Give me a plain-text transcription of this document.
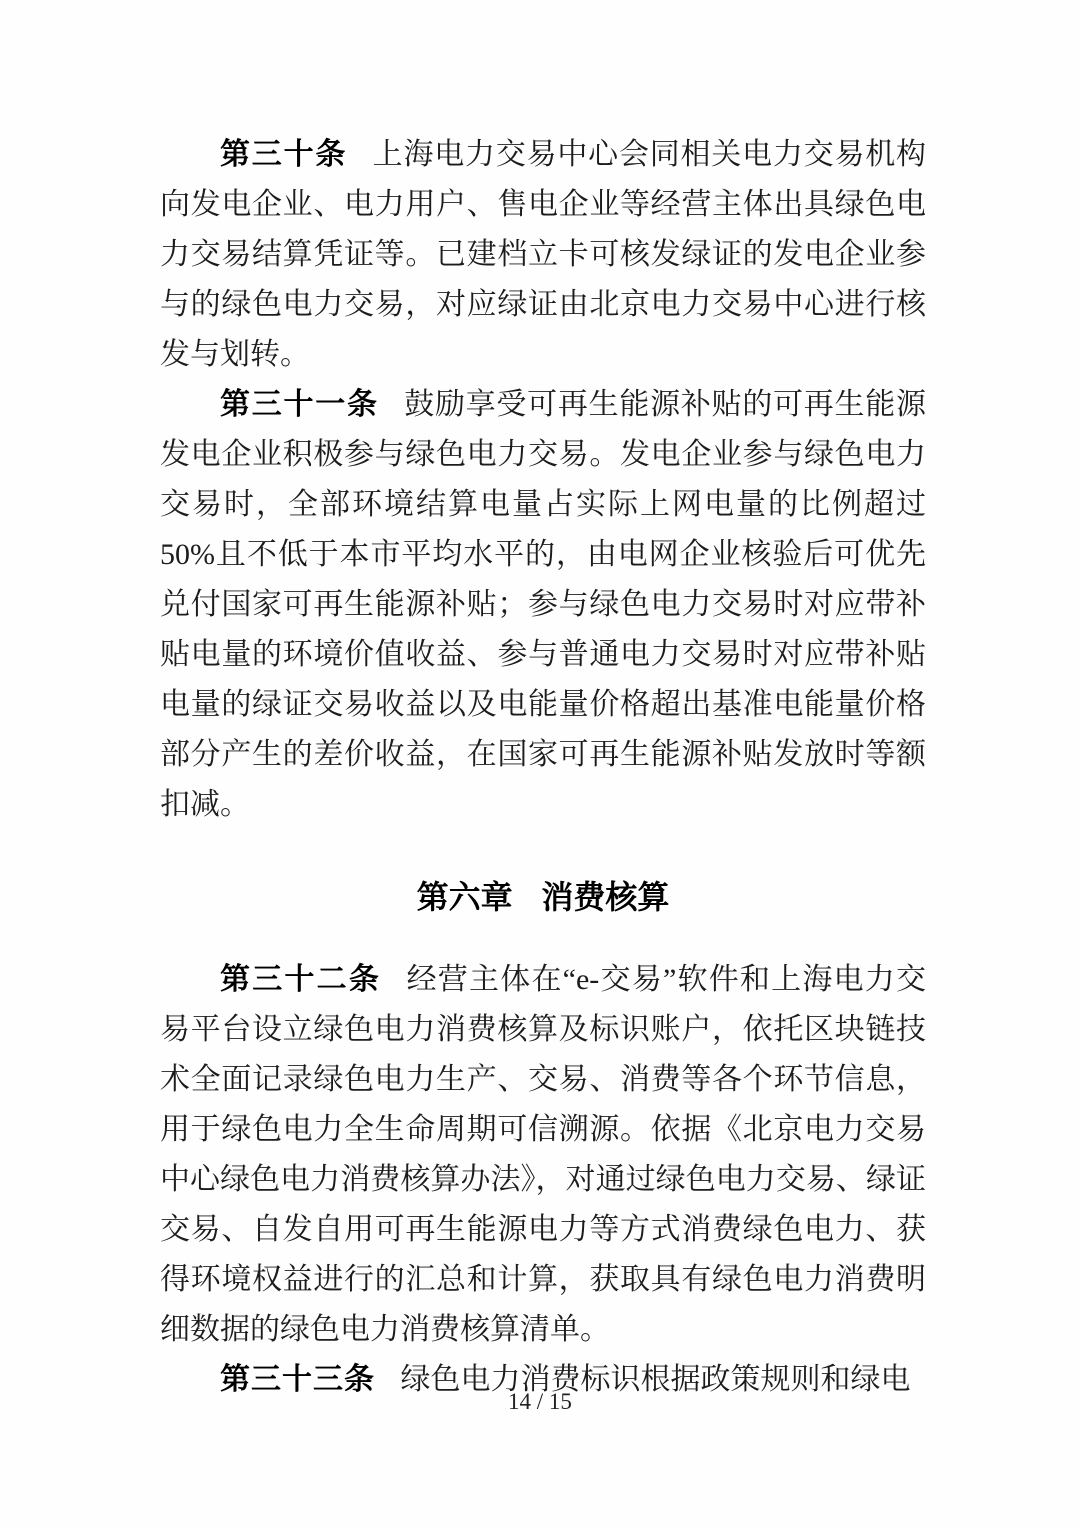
第三十条 上海电力交易中心会同相关电力交易机构向发电企业、电力用户、售电企业等经营主体出具绿色电力交易结算凭证等。已建档立卡可核发绿证的发电企业参与的绿色电力交易，对应绿证由北京电力交易中心进行核发与划转。

第三十一条 鼓励享受可再生能源补贴的可再生能源发电企业积极参与绿色电力交易。发电企业参与绿色电力交易时，全部环境结算电量占实际上网电量的比例超过 50%且不低于本市平均水平的，由电网企业核验后可优先兑付国家可再生能源补贴；参与绿色电力交易时对应带补贴电量的环境价值收益、参与普通电力交易时对应带补贴电量的绿证交易收益以及电能量价格超出基准电能量价格部分产生的差价收益，在国家可再生能源补贴发放时等额扣减。

第六章 消费核算

第三十二条 经营主体在“e-交易”软件和上海电力交易平台设立绿色电力消费核算及标识账户，依托区块链技术全面记录绿色电力生产、交易、消费等各个环节信息，用于绿色电力全生命周期可信溯源。依据《北京电力交易中心绿色电力消费核算办法》，对通过绿色电力交易、绿证交易、自发自用可再生能源电力等方式消费绿色电力、获得环境权益进行的汇总和计算，获取具有绿色电力消费明细数据的绿色电力消费核算清单。

第三十三条 绿色电力消费标识根据政策规则和绿电

14 / 15
